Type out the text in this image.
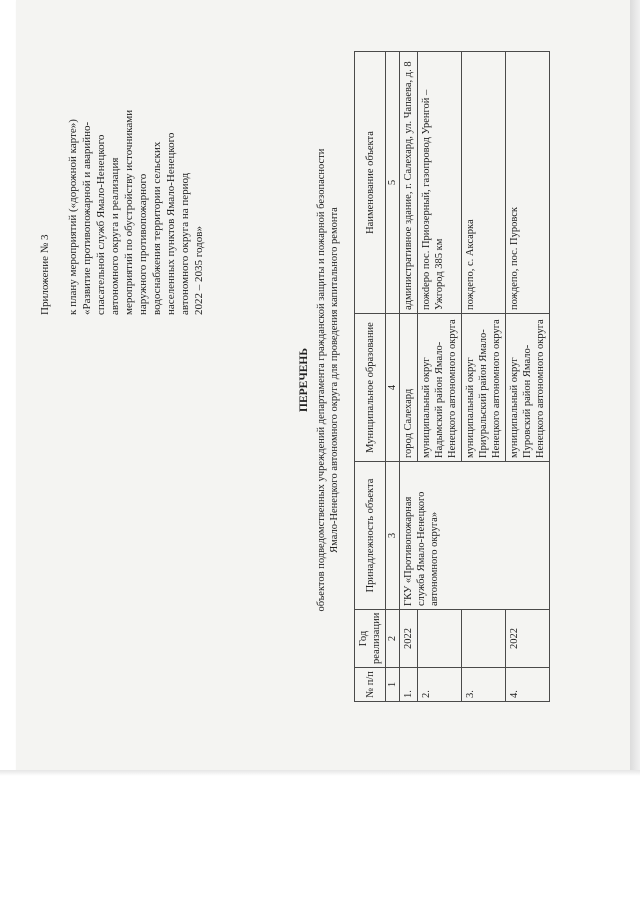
Приложение № 3 к плану мероприятий («дорожной карте») «Развитие противопожарной и аварийно- спасательной служб Ямало-Ненецкого автономного округа и реализация мероприятий по обустройству источниками наружного противопожарного водоснабжения территории сельских населенных пунктов Ямало-Ненецкого автономного округа на период 2022 – 2035 годов»
ПЕРЕЧЕНЬ объектов подведомственных учреждений департамента гражданской защиты и пожарной безопасности Ямало-Ненецкого автономного округа для проведения капитального ремонта
№ п/п	Год реализации	Принадлежность объекта	Муниципальное образование	Наименование объекта
1	2	3	4	5
1.	2022	ГКУ «Противопожарная служба Ямало-Ненецкого автономного округа»	город Салехард	административное здание, г. Салехард, ул. Чапаева, д. 8
2.			муниципальный округ Надымский район Ямало-Ненецкого автономного округа	пожdepo пос. Приозерный, газопровод Уренгой – Ужгород 385 км
3.			муниципальный округ Приуральский район Ямало-Ненецкого автономного округа	пождепо, с. Аксарка
4.	2022		муниципальный округ Пуровский район Ямало-Ненецкого автономного округа	пождепо, пос. Пуровск
